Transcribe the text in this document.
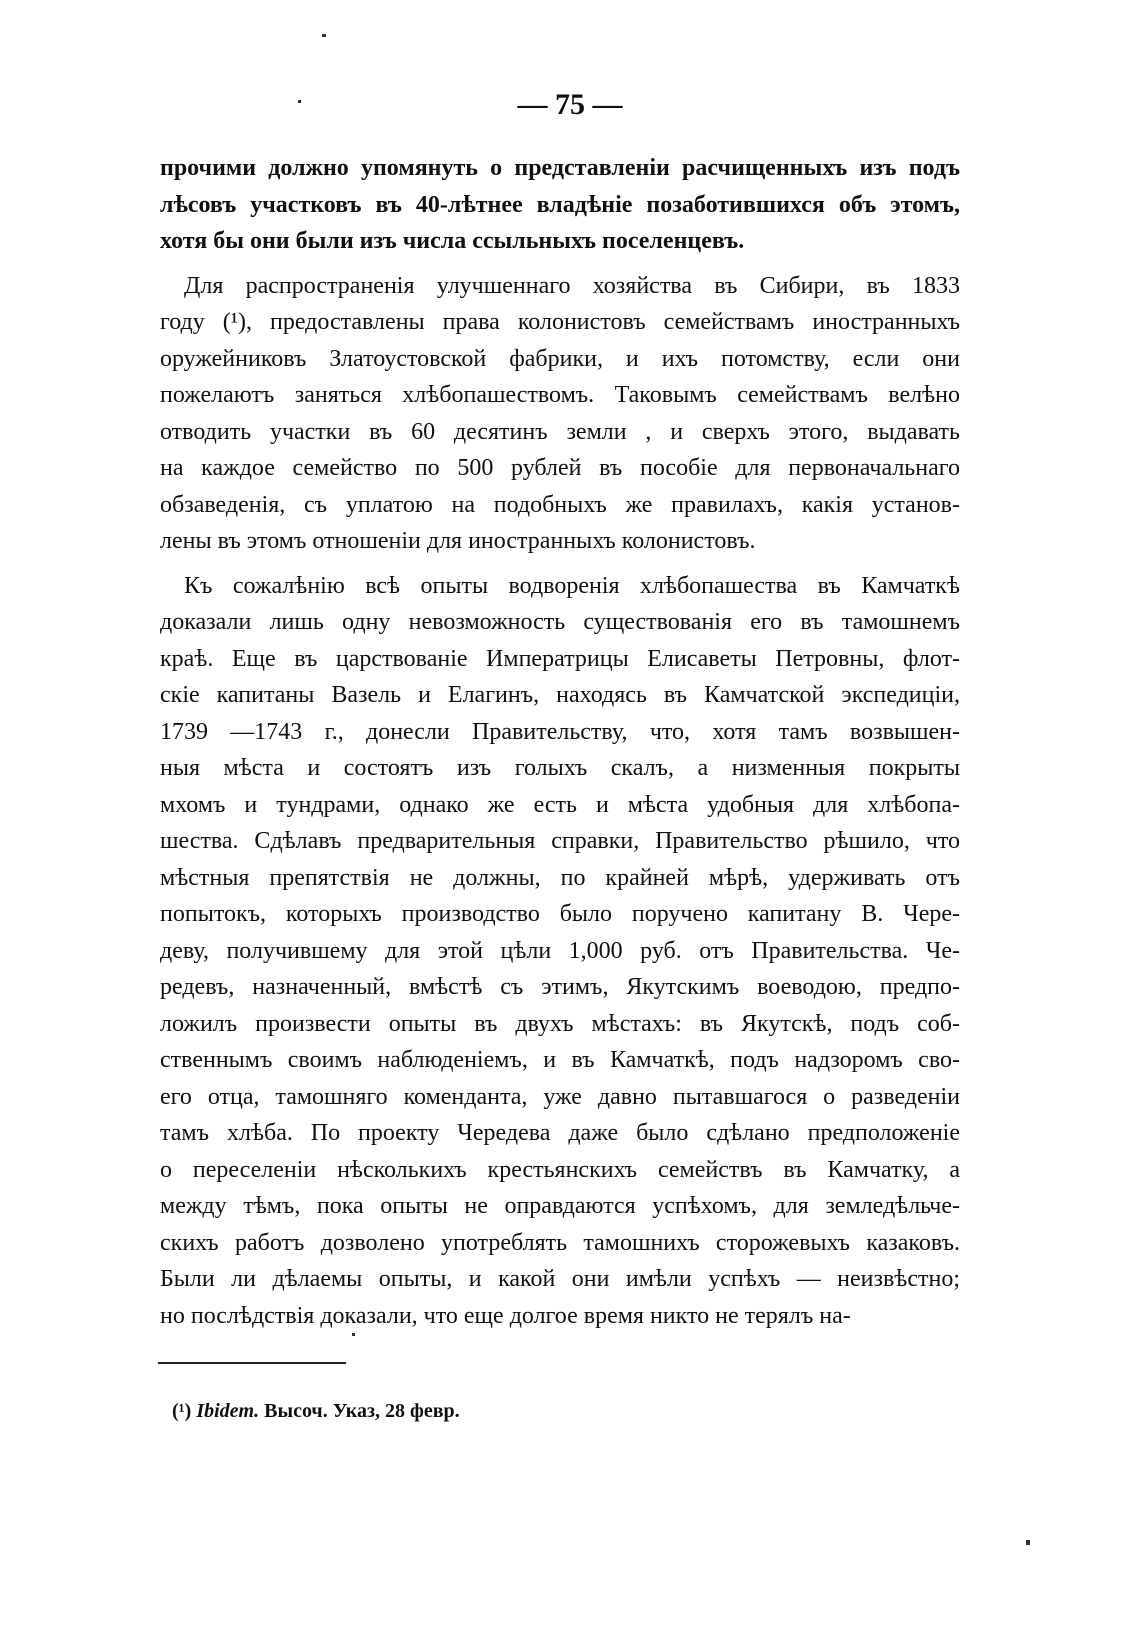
— 75 —
прочими должно упомянуть о представленiи расчищенныхъ изъ подъ
лѣсовъ участковъ въ 40-лѣтнее владѣнiе позаботившихся объ этомъ,
хотя бы они были изъ числа ссыльныхъ поселенцевъ.
Для распространенiя улучшеннаго хозяйства въ Сибири, въ 1833
году (¹), предоставлены права колонистовъ семействамъ иностранныхъ
оружейниковъ Златоустовской фабрики, и ихъ потомству, если они
пожелаютъ заняться хлѣбопашествомъ. Таковымъ семействамъ велѣно
отводить участки въ 60 десятинъ земли , и сверхъ этого, выдавать
на каждое семейство по 500 рублей въ пособiе для первоначальнаго
обзаведенiя, съ уплатою на подобныхъ же правилахъ, какiя установ-
лены въ этомъ отношенiи для иностранныхъ колонистовъ.
Къ сожалѣнiю всѣ опыты водворенiя хлѣбопашества въ Камчаткѣ
доказали лишь одну невозможность существованiя его въ тамошнемъ
краѣ. Еще въ царствованiе Императрицы Елисаветы Петровны, флот-
скiе капитаны Вазель и Елагинъ, находясь въ Камчатской экспедицiи,
1739 —1743 г., донесли Правительству, что, хотя тамъ возвышен-
ныя мѣста и состоятъ изъ голыхъ скалъ, а низменныя покрыты
мхомъ и тундрами, однако же есть и мѣста удобныя для хлѣбопа-
шества. Сдѣлавъ предварительныя справки, Правительство рѣшило, что
мѣстныя препятствiя не должны, по крайней мѣрѣ, удерживать отъ
попытокъ, которыхъ производство было поручено капитану В. Чере-
деву, получившему для этой цѣли 1,000 руб. отъ Правительства. Че-
редевъ, назначенный, вмѣстѣ съ этимъ, Якутскимъ воеводою, предпо-
ложилъ произвести опыты въ двухъ мѣстахъ: въ Якутскѣ, подъ соб-
ственнымъ своимъ наблюденiемъ, и въ Камчаткѣ, подъ надзоромъ сво-
его отца, тамошняго коменданта, уже давно пытавшагося о разведенiи
тамъ хлѣба. По проекту Чередева даже было сдѣлано предположенiе
о переселенiи нѣсколькихъ крестьянскихъ семействъ въ Камчатку, а
между тѣмъ, пока опыты не оправдаются успѣхомъ, для земледѣльче-
скихъ работъ дозволено употреблять тамошнихъ сторожевыхъ казаковъ.
Были ли дѣлаемы опыты, и какой они имѣли успѣхъ — неизвѣстно;
но послѣдствiя доказали, что еще долгое время никто не терялъ на-
(¹) Ibidem. Высоч. Указ, 28 февр.
